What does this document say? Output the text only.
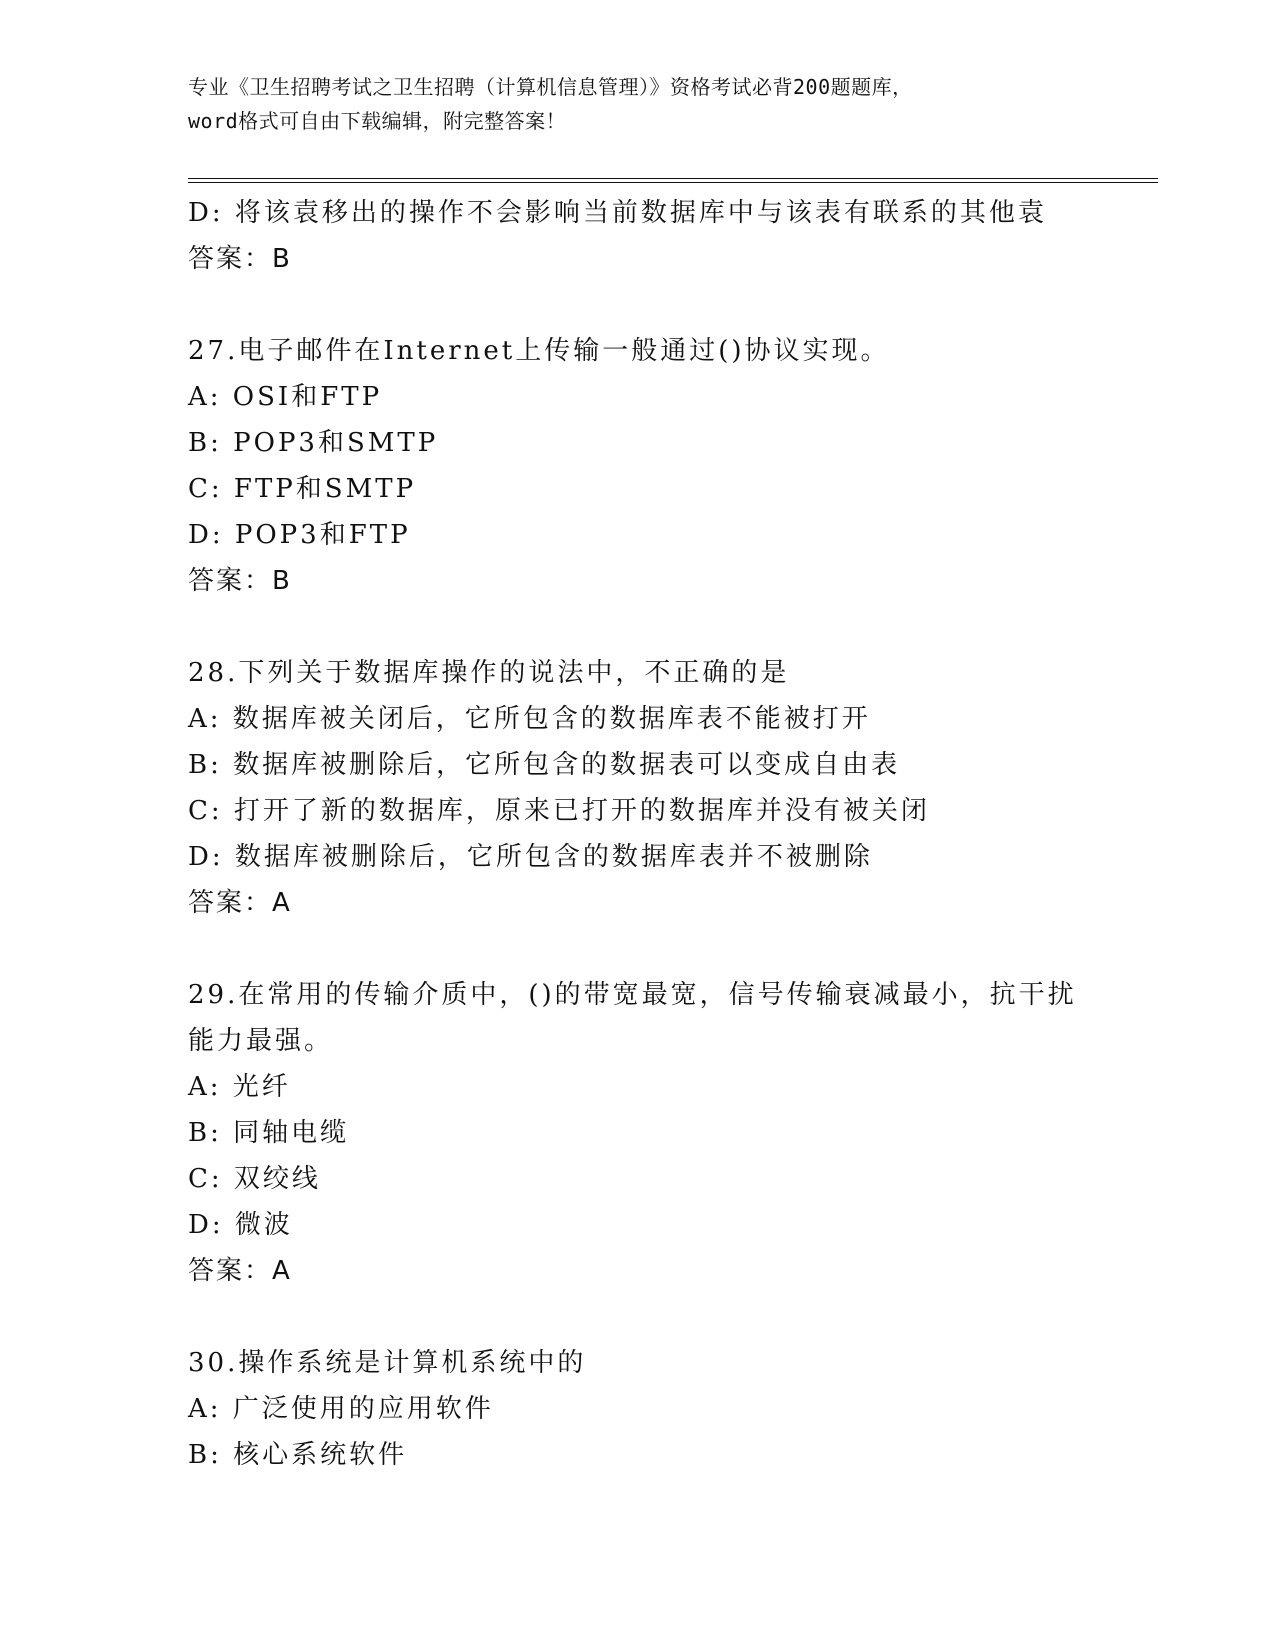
专业《卫生招聘考试之卫生招聘（计算机信息管理）》资格考试必背200题题库，
word格式可自由下载编辑，附完整答案！
D: 将该袁移出的操作不会影响当前数据库中与该表有联系的其他袁
答案：B
27.电子邮件在Internet上传输一般通过()协议实现。
A: OSI和FTP
B: POP3和SMTP
C: FTP和SMTP
D: POP3和FTP
答案：B
28.下列关于数据库操作的说法中，不正确的是
A: 数据库被关闭后，它所包含的数据库表不能被打开
B: 数据库被删除后，它所包含的数据表可以变成自由表
C: 打开了新的数据库，原来已打开的数据库并没有被关闭
D: 数据库被删除后，它所包含的数据库表并不被删除
答案：A
29.在常用的传输介质中，()的带宽最宽，信号传输衰减最小，抗干扰
能力最强。
A: 光纤
B: 同轴电缆
C: 双绞线
D: 微波
答案：A
30.操作系统是计算机系统中的
A: 广泛使用的应用软件
B: 核心系统软件
